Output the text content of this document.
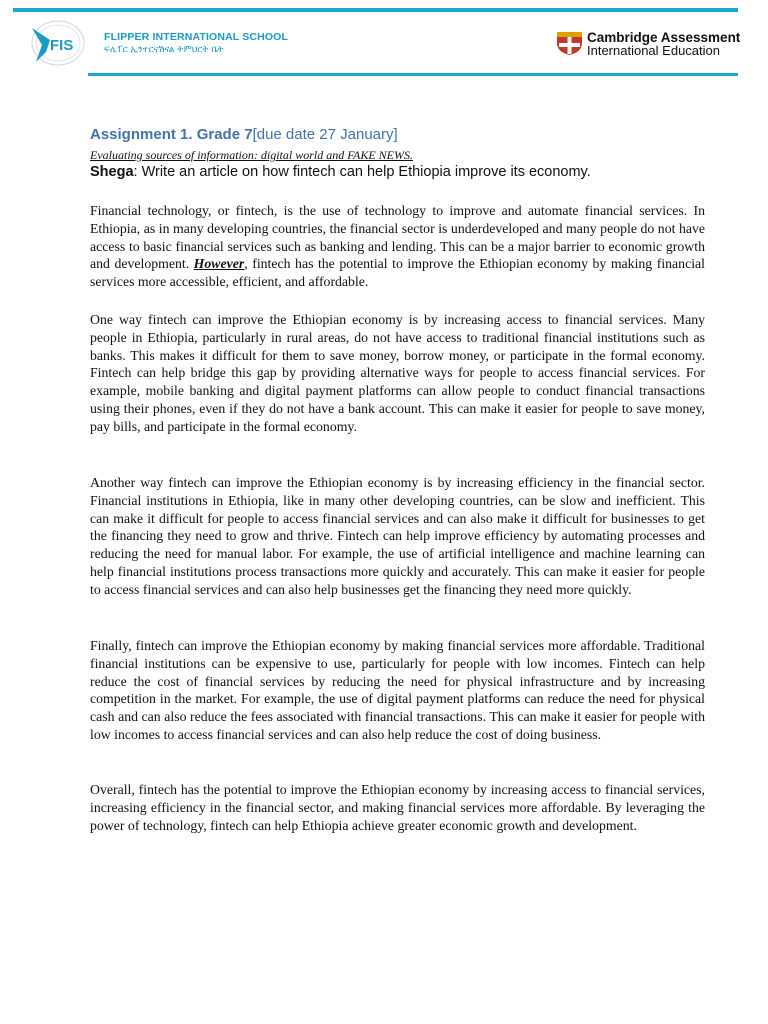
FIS	FLIPPER INTERNATIONAL SCHOOL
ፍሊፐር ኢንተርናሽናል ትምህርት ቤት
Cambridge Assessment
International Education
Assignment 1. Grade 7[due date 27 January]
Evaluating sources of information: digital world and FAKE NEWS.
Shega: Write an article on how fintech can help Ethiopia improve its economy.

Financial technology, or fintech, is the use of technology to improve and automate financial services. In Ethiopia, as in many developing countries, the financial sector is underdeveloped and many people do not have access to basic financial services such as banking and lending. This can be a major barrier to economic growth and development. However, fintech has the potential to improve the Ethiopian economy by making financial services more accessible, efficient, and affordable.

One way fintech can improve the Ethiopian economy is by increasing access to financial services. Many people in Ethiopia, particularly in rural areas, do not have access to traditional financial institutions such as banks. This makes it difficult for them to save money, borrow money, or participate in the formal economy. Fintech can help bridge this gap by providing alternative ways for people to access financial services. For example, mobile banking and digital payment platforms can allow people to conduct financial transactions using their phones, even if they do not have a bank account. This can make it easier for people to save money, pay bills, and participate in the formal economy.

Another way fintech can improve the Ethiopian economy is by increasing efficiency in the financial sector. Financial institutions in Ethiopia, like in many other developing countries, can be slow and inefficient. This can make it difficult for people to access financial services and can also make it difficult for businesses to get the financing they need to grow and thrive. Fintech can help improve efficiency by automating processes and reducing the need for manual labor. For example, the use of artificial intelligence and machine learning can help financial institutions process transactions more quickly and accurately. This can make it easier for people to access financial services and can also help businesses get the financing they need more quickly.

Finally, fintech can improve the Ethiopian economy by making financial services more affordable. Traditional financial institutions can be expensive to use, particularly for people with low incomes. Fintech can help reduce the cost of financial services by reducing the need for physical infrastructure and by increasing competition in the market. For example, the use of digital payment platforms can reduce the need for physical cash and can also reduce the fees associated with financial transactions. This can make it easier for people with low incomes to access financial services and can also help reduce the cost of doing business.

Overall, fintech has the potential to improve the Ethiopian economy by increasing access to financial services, increasing efficiency in the financial sector, and making financial services more affordable. By leveraging the power of technology, fintech can help Ethiopia achieve greater economic growth and development.
